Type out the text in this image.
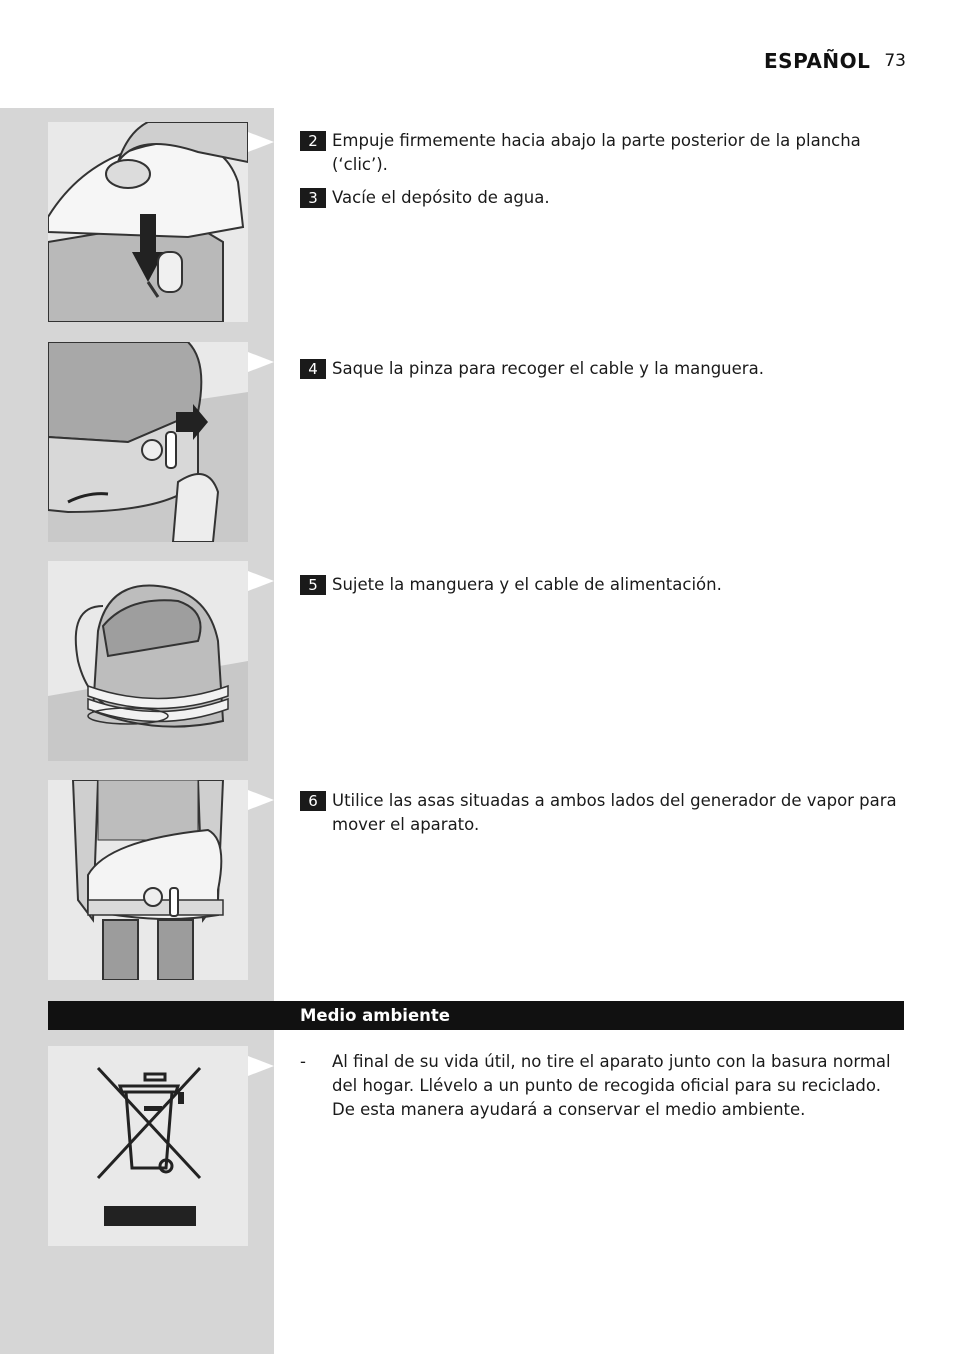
ESPAÑOL 73
2 Empuje firmemente hacia abajo la parte posterior de la plancha (‘clic’).
3 Vacíe el depósito de agua.
4 Saque la pinza para recoger el cable y la manguera.
5 Sujete la manguera y el cable de alimentación.
6 Utilice las asas situadas a ambos lados del generador de vapor para mover el aparato.
Medio ambiente
-	Al final de su vida útil, no tire el aparato junto con la basura normal del hogar. Llévelo a un punto de recogida oficial para su reciclado. De esta manera ayudará a conservar el medio ambiente.
